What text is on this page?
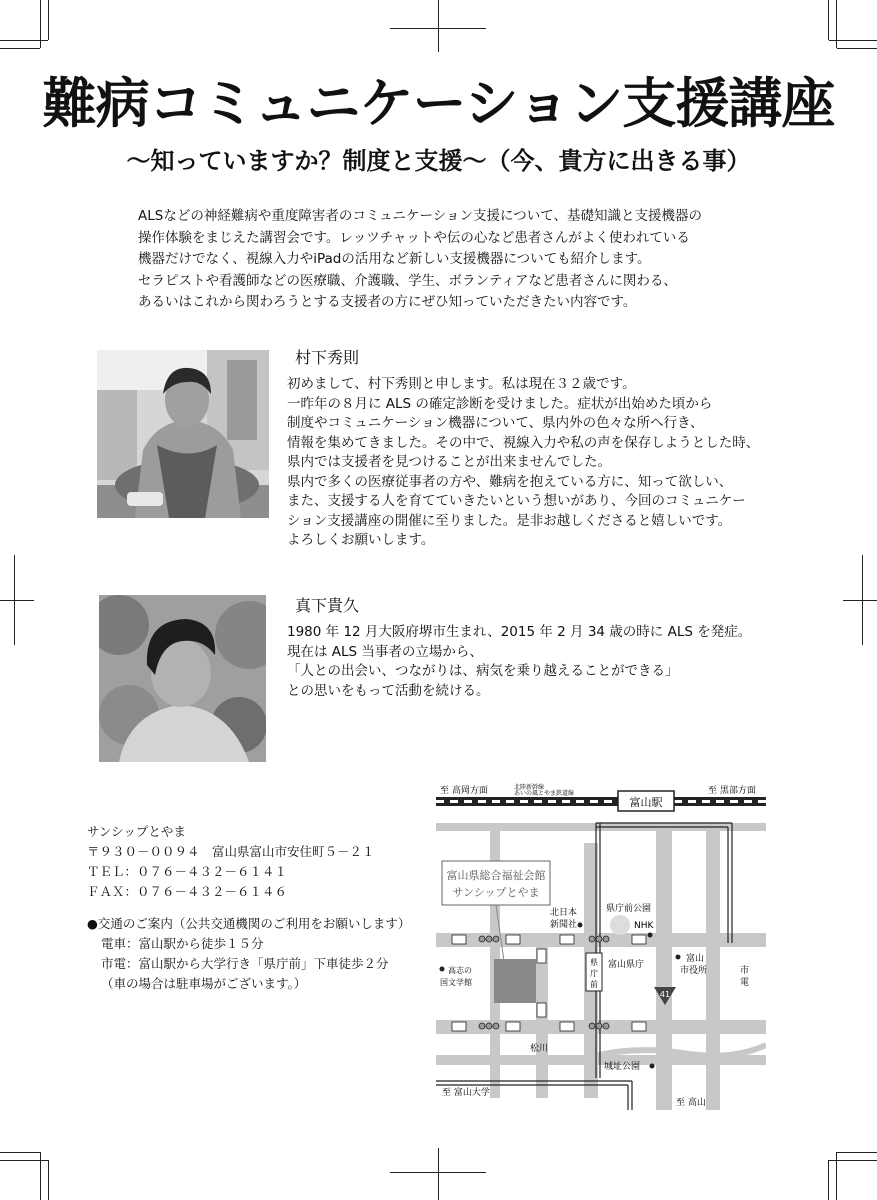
難病コミュニケーション支援講座
～知っていますか？制度と支援～（今、貴方に出きる事）
ALSなどの神経難病や重度障害者のコミュニケーション支援について、基礎知識と支援機器の
操作体験をまじえた講習会です。レッツチャットや伝の心など患者さんがよく使われている
機器だけでなく、視線入力やiPadの活用など新しい支援機器についても紹介します。
セラピストや看護師などの医療職、介護職、学生、ボランティアなど患者さんに関わる、
あるいはこれから関わろうとする支援者の方にぜひ知っていただきたい内容です。
村下秀則
初めまして、村下秀則と申します。私は現在３２歳です。
一昨年の８月に ALS の確定診断を受けました。症状が出始めた頃から
制度やコミュニケーション機器について、県内外の色々な所へ行き、
情報を集めてきました。その中で、視線入力や私の声を保存しようとした時、
県内では支援者を見つけることが出来ませんでした。
県内で多くの医療従事者の方や、難病を抱えている方に、知って欲しい、
また、支援する人を育てていきたいという想いがあり、今回のコミュニケー
ション支援講座の開催に至りました。是非お越しくださると嬉しいです。
よろしくお願いします。
真下貴久
1980 年 12 月大阪府堺市生まれ、2015 年 2 月 34 歳の時に ALS を発症。
現在は ALS 当事者の立場から、
「人との出会い、つながりは、病気を乗り越えることができる」
との思いをもって活動を続ける。
サンシップとやま
〒９３０－００９４　富山県富山市安住町５－２１
ＴＥＬ：０７６－４３２－６１４１
ＦＡＸ：０７６－４３２－６１４６
●交通のご案内（公共交通機関のご利用をお願いします）
電車：富山駅から徒歩１５分
市電：富山駅から大学行き「県庁前」下車徒歩２分
（車の場合は駐車場がございます。）
富山駅
至 高岡方面	北陸新幹線
あいの風とやま鉄道線	至 黒部方面
富山県総合福祉会館
サンシップとやま
北日本
新聞社
県庁前公園
NHK
富山県庁
富山
市役所
県
庁
前
市
電
高志の
国文学館
41
松川
城址公園
至 富山大学
至 高山
